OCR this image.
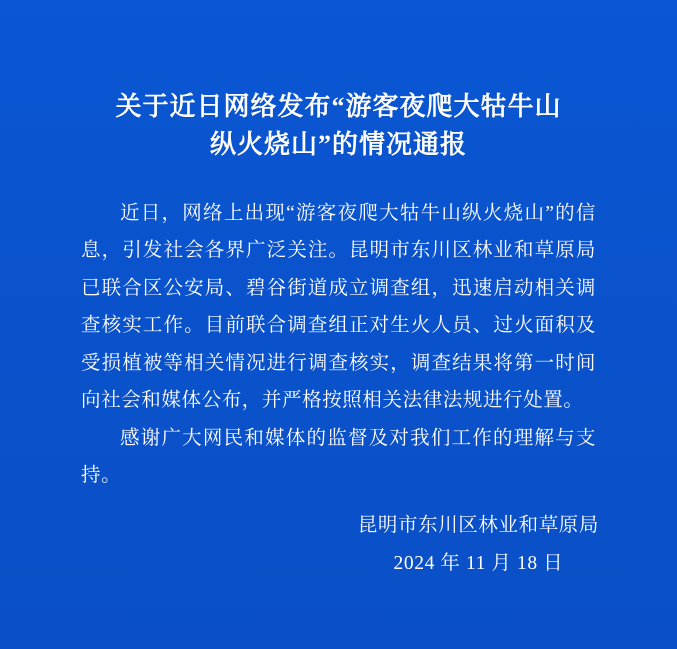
关于近日网络发布“游客夜爬大牯牛山
纵火烧山”的情况通报

近日，网络上出现“游客夜爬大牯牛山纵火烧山”的信息，引发社会各界广泛关注。昆明市东川区林业和草原局已联合区公安局、碧谷街道成立调查组，迅速启动相关调查核实工作。目前联合调查组正对生火人员、过火面积及受损植被等相关情况进行调查核实，调查结果将第一时间向社会和媒体公布，并严格按照相关法律法规进行处置。

感谢广大网民和媒体的监督及对我们工作的理解与支持。

昆明市东川区林业和草原局
2024 年 11 月 18 日
